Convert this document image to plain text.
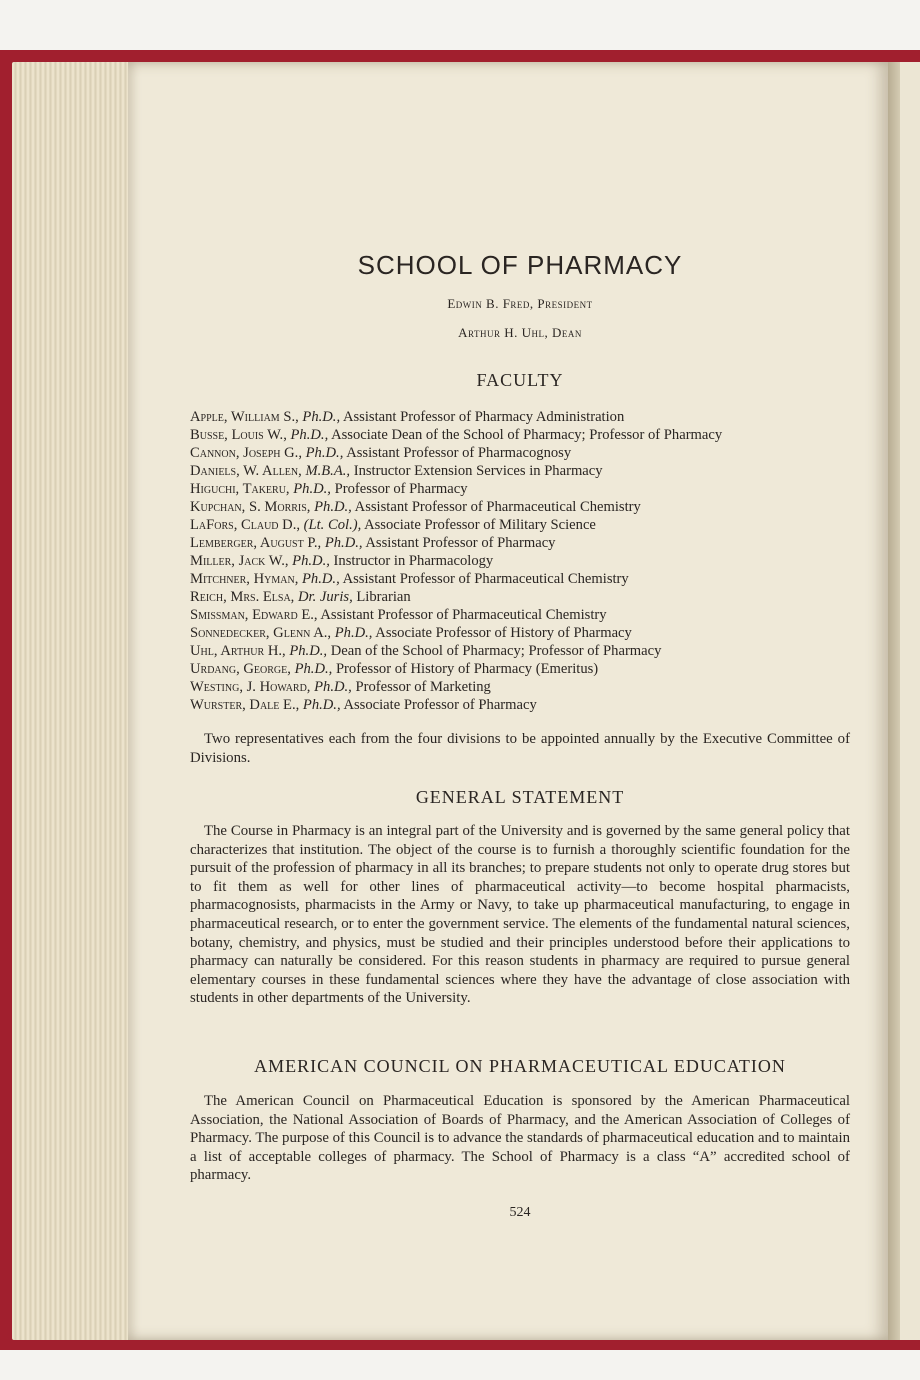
SCHOOL OF PHARMACY
Edwin B. Fred, President
Arthur H. Uhl, Dean
FACULTY
Apple, William S., Ph.D., Assistant Professor of Pharmacy Administration
Busse, Louis W., Ph.D., Associate Dean of the School of Pharmacy; Professor of Pharmacy
Cannon, Joseph G., Ph.D., Assistant Professor of Pharmacognosy
Daniels, W. Allen, M.B.A., Instructor Extension Services in Pharmacy
Higuchi, Takeru, Ph.D., Professor of Pharmacy
Kupchan, S. Morris, Ph.D., Assistant Professor of Pharmaceutical Chemistry
LaFors, Claud D., (Lt. Col.), Associate Professor of Military Science
Lemberger, August P., Ph.D., Assistant Professor of Pharmacy
Miller, Jack W., Ph.D., Instructor in Pharmacology
Mitchner, Hyman, Ph.D., Assistant Professor of Pharmaceutical Chemistry
Reich, Mrs. Elsa, Dr. Juris, Librarian
Smissman, Edward E., Assistant Professor of Pharmaceutical Chemistry
Sonnedecker, Glenn A., Ph.D., Associate Professor of History of Pharmacy
Uhl, Arthur H., Ph.D., Dean of the School of Pharmacy; Professor of Pharmacy
Urdang, George, Ph.D., Professor of History of Pharmacy (Emeritus)
Westing, J. Howard, Ph.D., Professor of Marketing
Wurster, Dale E., Ph.D., Associate Professor of Pharmacy

Two representatives each from the four divisions to be appointed annually by the Executive Committee of Divisions.

GENERAL STATEMENT

The Course in Pharmacy is an integral part of the University and is governed by the same general policy that characterizes that institution. The object of the course is to furnish a thoroughly scientific foundation for the pursuit of the profession of pharmacy in all its branches; to prepare students not only to operate drug stores but to fit them as well for other lines of pharmaceutical activity—to become hospital pharmacists, pharmacognosists, pharmacists in the Army or Navy, to take up pharmaceutical manufacturing, to engage in pharmaceutical research, or to enter the government service. The elements of the fundamental natural sciences, botany, chemistry, and physics, must be studied and their principles understood before their applications to pharmacy can naturally be considered. For this reason students in pharmacy are required to pursue general elementary courses in these fundamental sciences where they have the advantage of close association with students in other departments of the University.

AMERICAN COUNCIL ON PHARMACEUTICAL EDUCATION

The American Council on Pharmaceutical Education is sponsored by the American Pharmaceutical Association, the National Association of Boards of Pharmacy, and the American Association of Colleges of Pharmacy. The purpose of this Council is to advance the standards of pharmaceutical education and to maintain a list of acceptable colleges of pharmacy. The School of Pharmacy is a class “A” accredited school of pharmacy.

524
